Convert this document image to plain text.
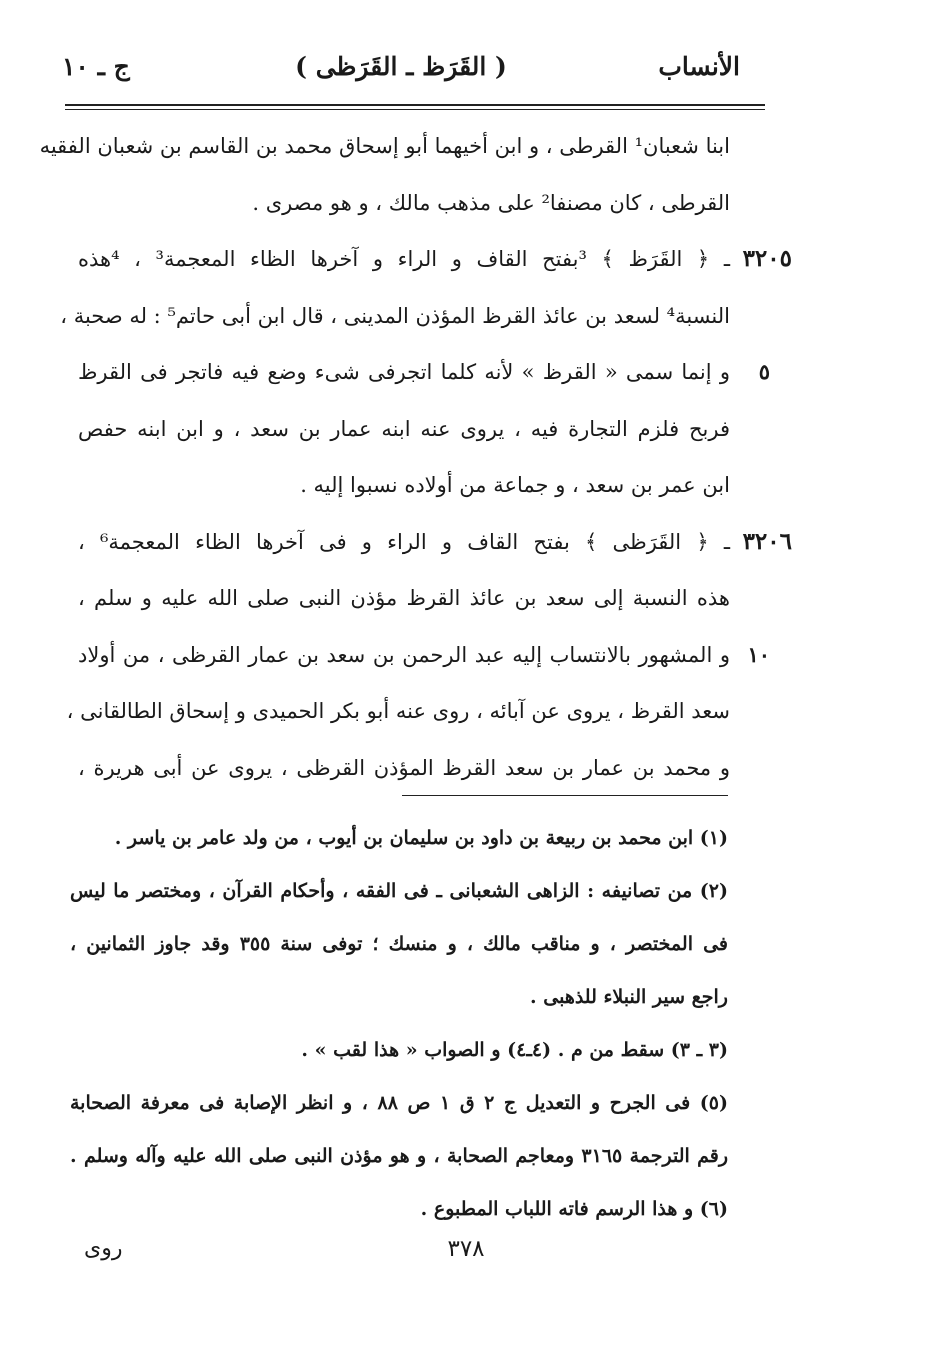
الأنساب
( القَرَظ ـ القَرَظى )
ج ـ ١٠
ابنا شعبان¹ القرطى ، و ابن أخيهما أبو إسحاق محمد بن القاسم بن شعبان الفقيه
القرطى ، كان مصنفا² على مذهب مالك ، و هو مصرى .
٣٢٠٥
ـ ﴿ القَرَظ ﴾ ³بفتح القاف و الراء و آخرها الظاء المعجمة³ ، ⁴هذه
النسبة⁴ لسعد بن عائذ القرظ المؤذن المدينى ، قال ابن أبى حاتم⁵ : له صحبة ،
٥
و إنما سمى « القرظ » لأنه كلما اتجرفى شىء وضع فيه فاتجر فى القرظ
فربح فلزم التجارة فيه ، يروى عنه ابنه عمار بن سعد ، و ابن ابنه حفص
ابن عمر بن سعد ، و جماعة من أولاده نسبوا إليه .
٣٢٠٦
ـ ﴿ القَرَظى ﴾ بفتح القاف و الراء و فى آخرها الظاء المعجمة⁶ ،
هذه النسبة إلى سعد بن عائذ القرظ مؤذن النبى صلى الله عليه و سلم ،
١٠
و المشهور بالانتساب إليه عبد الرحمن بن سعد بن عمار القرظى ، من أولاد
سعد القرظ ، يروى عن آبائه ، روى عنه أبو بكر الحميدى و إسحاق الطالقانى ،
و محمد بن عمار بن سعد القرظ المؤذن القرظى ، يروى عن أبى هريرة ،
(١) ابن محمد بن ربيعة بن داود بن سليمان بن أيوب ، من ولد عامر بن ياسر .
(٢) من تصانيفه : الزاهى الشعبانى ـ فى الفقه ، وأحكام القرآن ، ومختصر ما ليس
فى المختصر ، و مناقب مالك ، و منسك ؛ توفى سنة ٣٥٥ وقد جاوز الثمانين ،
راجع سير النبلاء للذهبى .
(٣ ـ ٣) سقط من م . (٤ـ٤) و الصواب « هذا لقب » .
(٥) فى الجرح و التعديل ج ٢ ق ١ ص ٨٨ ، و انظر الإصابة فى معرفة الصحابة
رقم الترجمة ٣١٦٥ ومعاجم الصحابة ، و هو مؤذن النبى صلى الله عليه وآله وسلم .
(٦) و هذا الرسم فاته اللباب المطبوع .
٣٧٨
روى
